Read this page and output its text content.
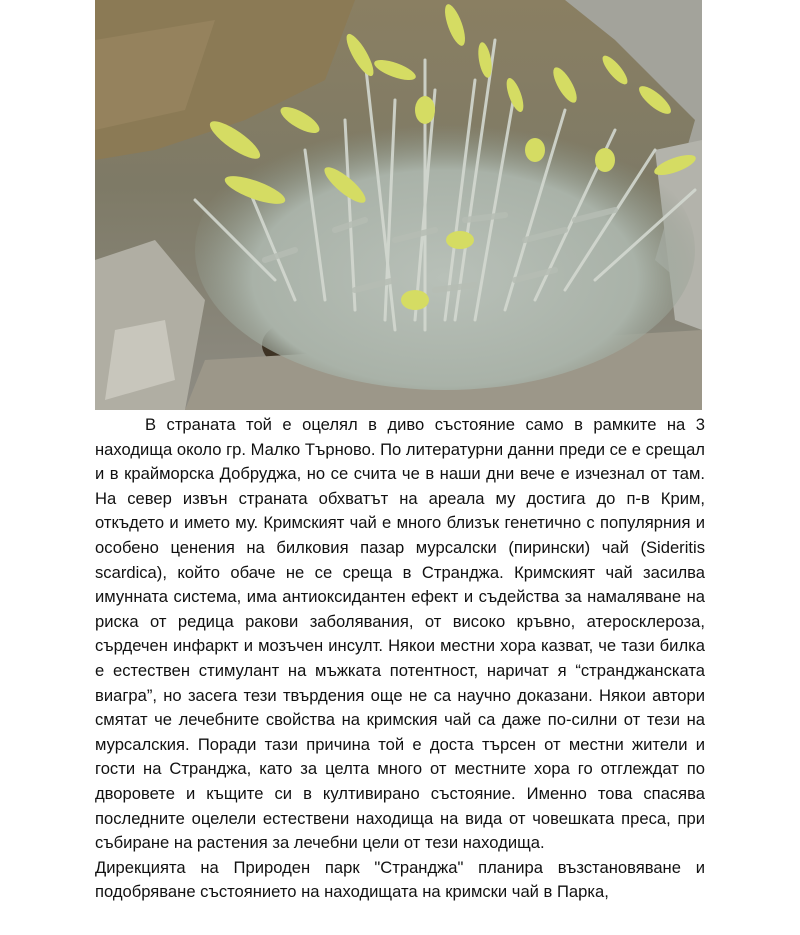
В страната той е оцелял в диво състояние само в рамките на 3 находища около гр. Малко Търново. По литературни данни преди се е срещал и в крайморска Добруджа, но се счита че в наши дни вече е изчезнал от там. На север извън страната обхватът на ареала му достига до п-в Крим, откъдето и името му. Кримският чай е много близък генетично с популярния и особено ценения на билковия пазар мурсалски (пирински) чай (Sideritis scardica), който обаче не се среща в Странджа. Кримският чай засилва имунната система, има антиоксидантен ефект и съдейства за намаляване на риска от редица ракови заболявания, от високо кръвно, атеросклероза, сърдечен инфаркт и мозъчен инсулт. Някои местни хора казват, че тази билка е естествен стимулант на мъжката потентност, наричат я “странджанската виагра”, но засега тези твърдения още не са научно доказани. Някои автори смятат че лечебните свойства на кримския чай са даже по-силни от тези на мурсалския. Поради тази причина той е доста търсен от местни жители и гости на Странджа, като за целта много от местните хора го отглеждат по дворовете и къщите си в култивирано състояние. Именно това спасява последните оцелели естествени находища на вида от човешката преса, при събиране на растения за лечебни цели от тези находища.

Дирекцията на Природен парк "Странджа" планира възстановяване и подобряване състоянието на находищата на кримски чай в Парка,
